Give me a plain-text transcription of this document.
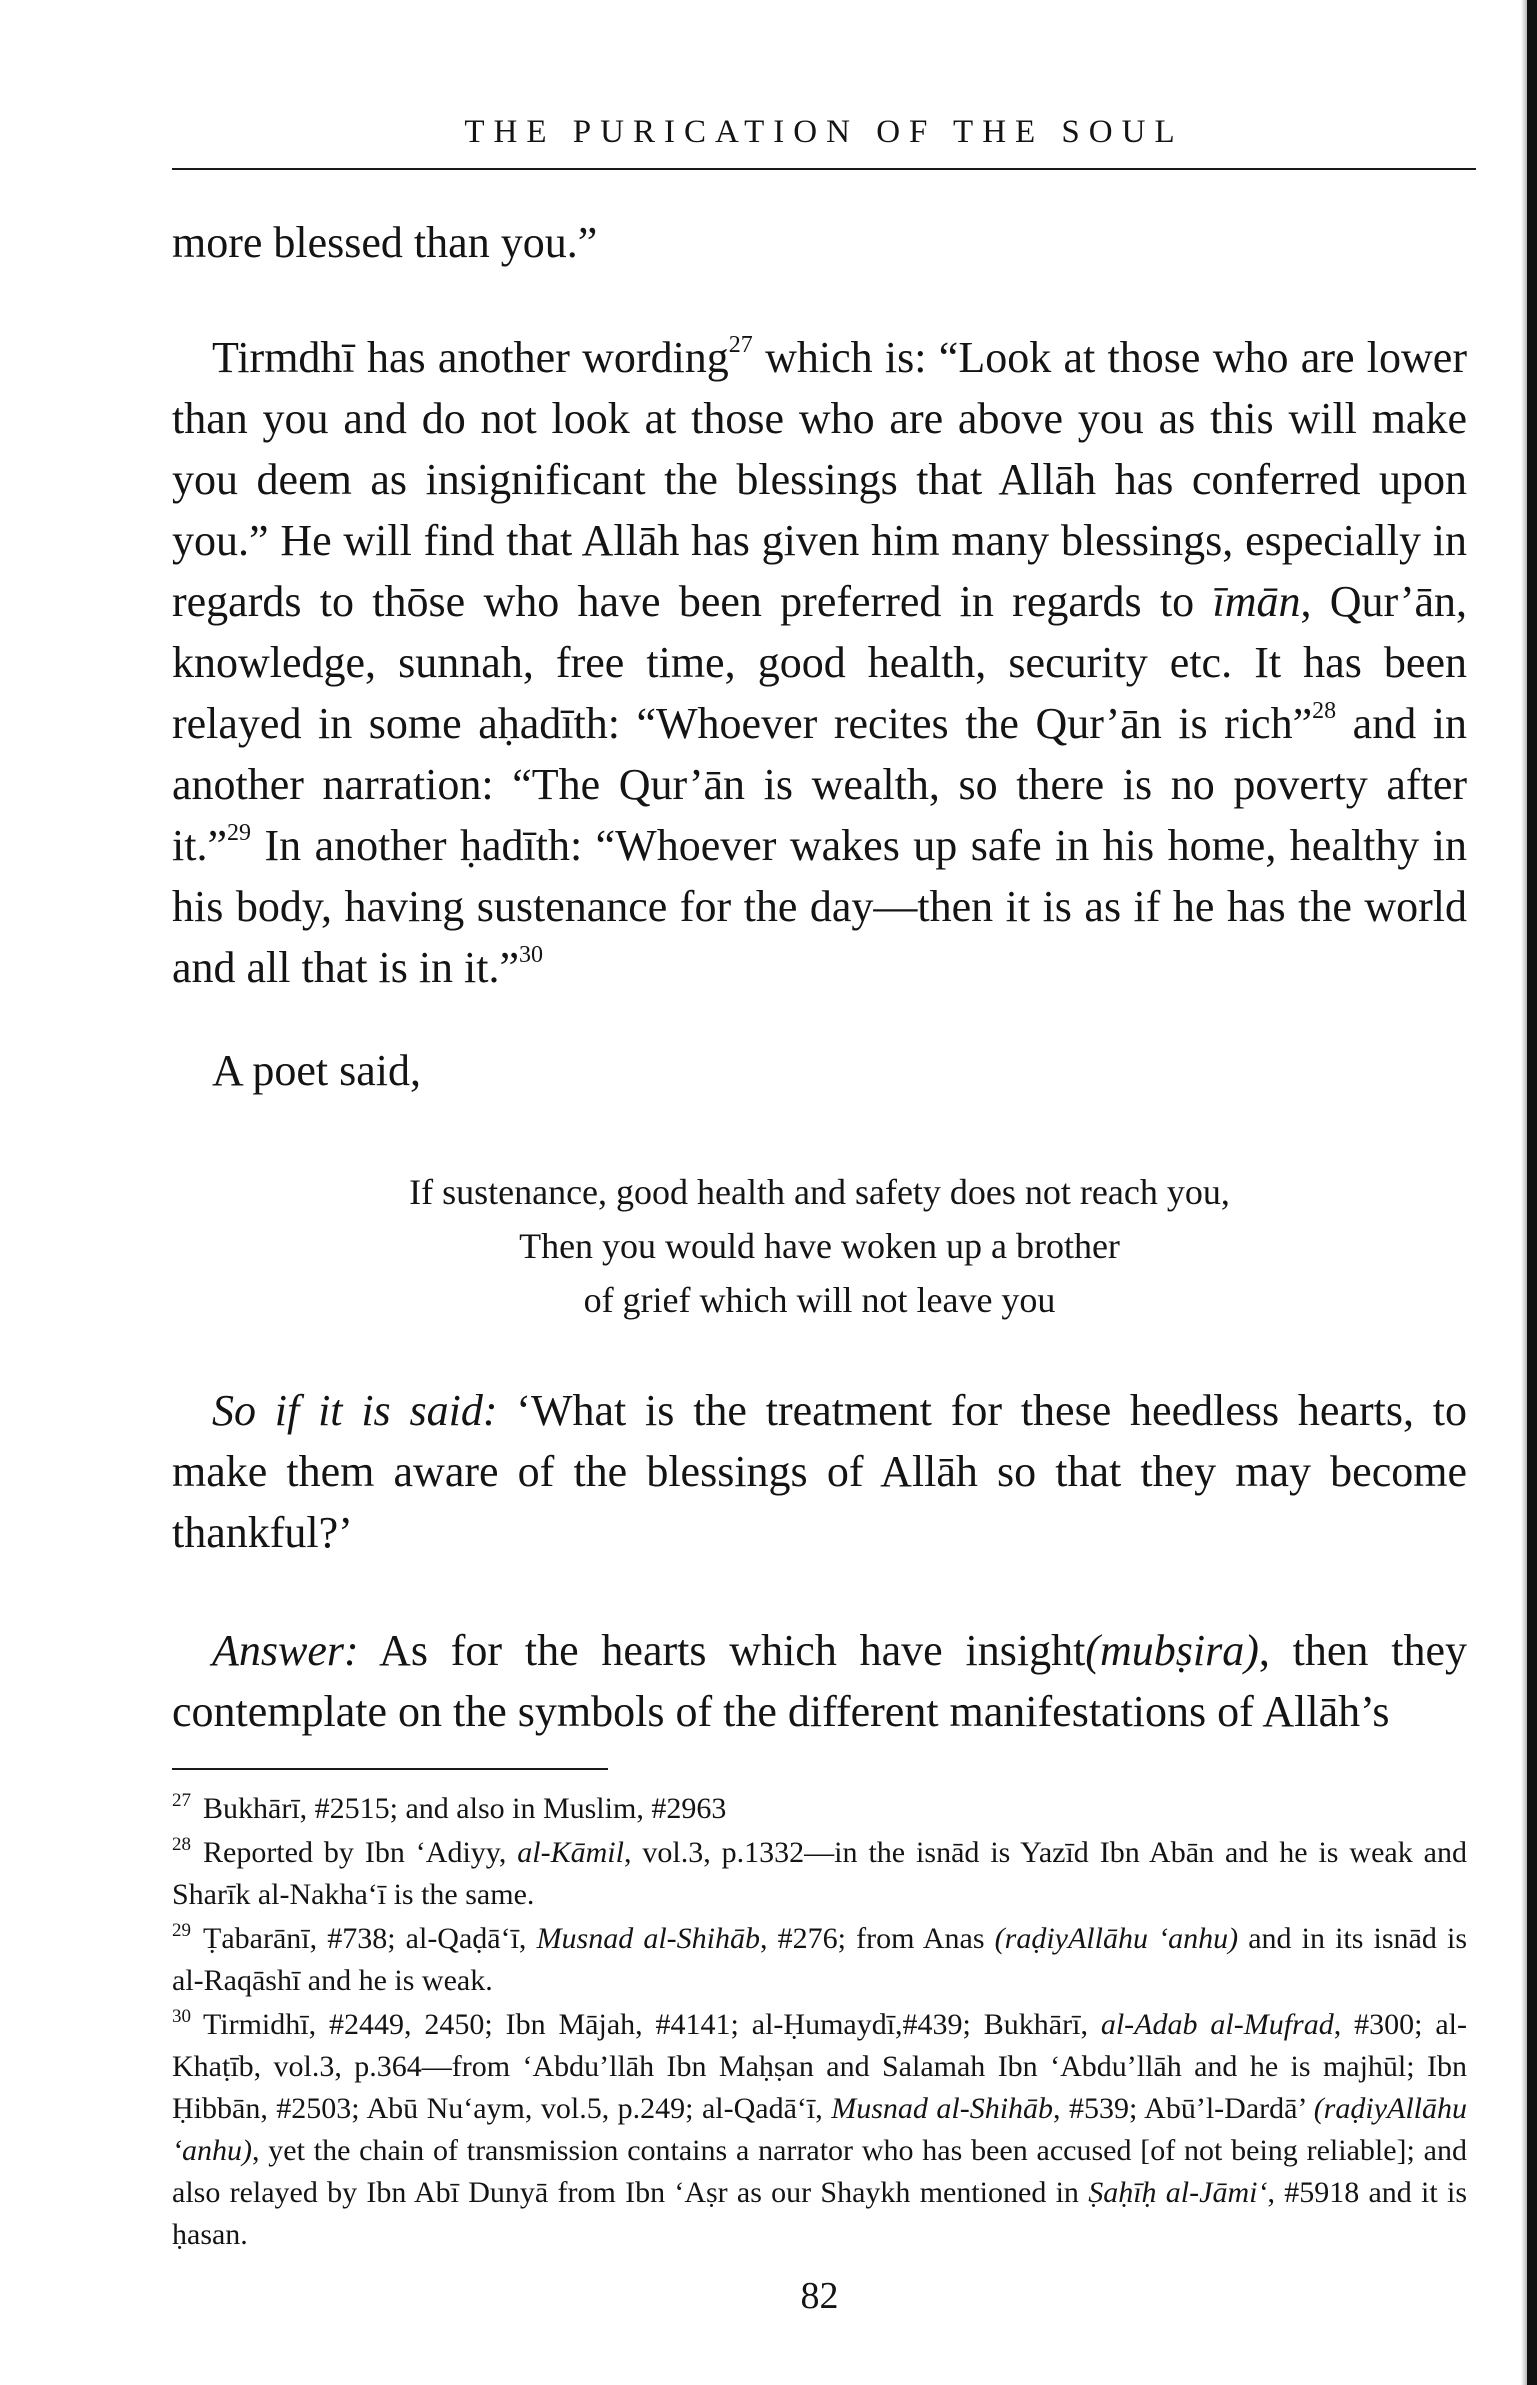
THE PURICATION OF THE SOUL

more blessed than you.”

Tirmdhī has another wording$^{27}$ which is: “Look at those who are lower than you and do not look at those who are above you as this will make you deem as insignificant the blessings that Allāh has conferred upon you.” He will find that Allāh has given him many blessings, especially in regards to thōse who have been preferred in regards to īmān, Qur’ān, knowledge, sunnah, free time, good health, security etc. It has been relayed in some aḥadīth: “Whoever recites the Qur’ān is rich”$^{28}$ and in another narration: “The Qur’ān is wealth, so there is no poverty after it.”$^{29}$ In another ḥadīth: “Whoever wakes up safe in his home, healthy in his body, having sustenance for the day—then it is as if he has the world and all that is in it.”$^{30}$

A poet said,

If sustenance, good health and safety does not reach you,
Then you would have woken up a brother
of grief which will not leave you

So if it is said: ‘What is the treatment for these heedless hearts, to make them aware of the blessings of Allāh so that they may become thankful?’

Answer: As for the hearts which have insight(mubṣira), then they contemplate on the symbols of the different manifestations of Allāh’s

$^{27}$ Bukhārī, #2515; and also in Muslim, #2963

$^{28}$ Reported by Ibn ‘Adiyy, al-Kāmil, vol.3, p.1332—in the isnād is Yazīd Ibn Abān and he is weak and Sharīk al-Nakha‘ī is the same.

$^{29}$ Ṭabarānī, #738; al-Qaḍā‘ī, Musnad al-Shihāb, #276; from Anas (raḍiyAllāhu ‘anhu) and in its isnād is al-Raqāshī and he is weak.

$^{30}$ Tirmidhī, #2449, 2450; Ibn Mājah, #4141; al-Ḥumaydī,#439; Bukhārī, al-Adab al-Mufrad, #300; al-Khaṭīb, vol.3, p.364—from ‘Abdu’llāh Ibn Maḥṣan and Salamah Ibn ‘Abdu’llāh and he is majhūl; Ibn Ḥibbān, #2503; Abū Nu‘aym, vol.5, p.249; al-Qadā‘ī, Musnad al-Shihāb, #539; Abū’l-Dardā’ (raḍiyAllāhu ‘anhu), yet the chain of transmission contains a narrator who has been accused [of not being reliable]; and also relayed by Ibn Abī Dunyā from Ibn ‘Aṣr as our Shaykh mentioned in Ṣaḥīḥ al-Jāmi‘, #5918 and it is ḥasan.

82
